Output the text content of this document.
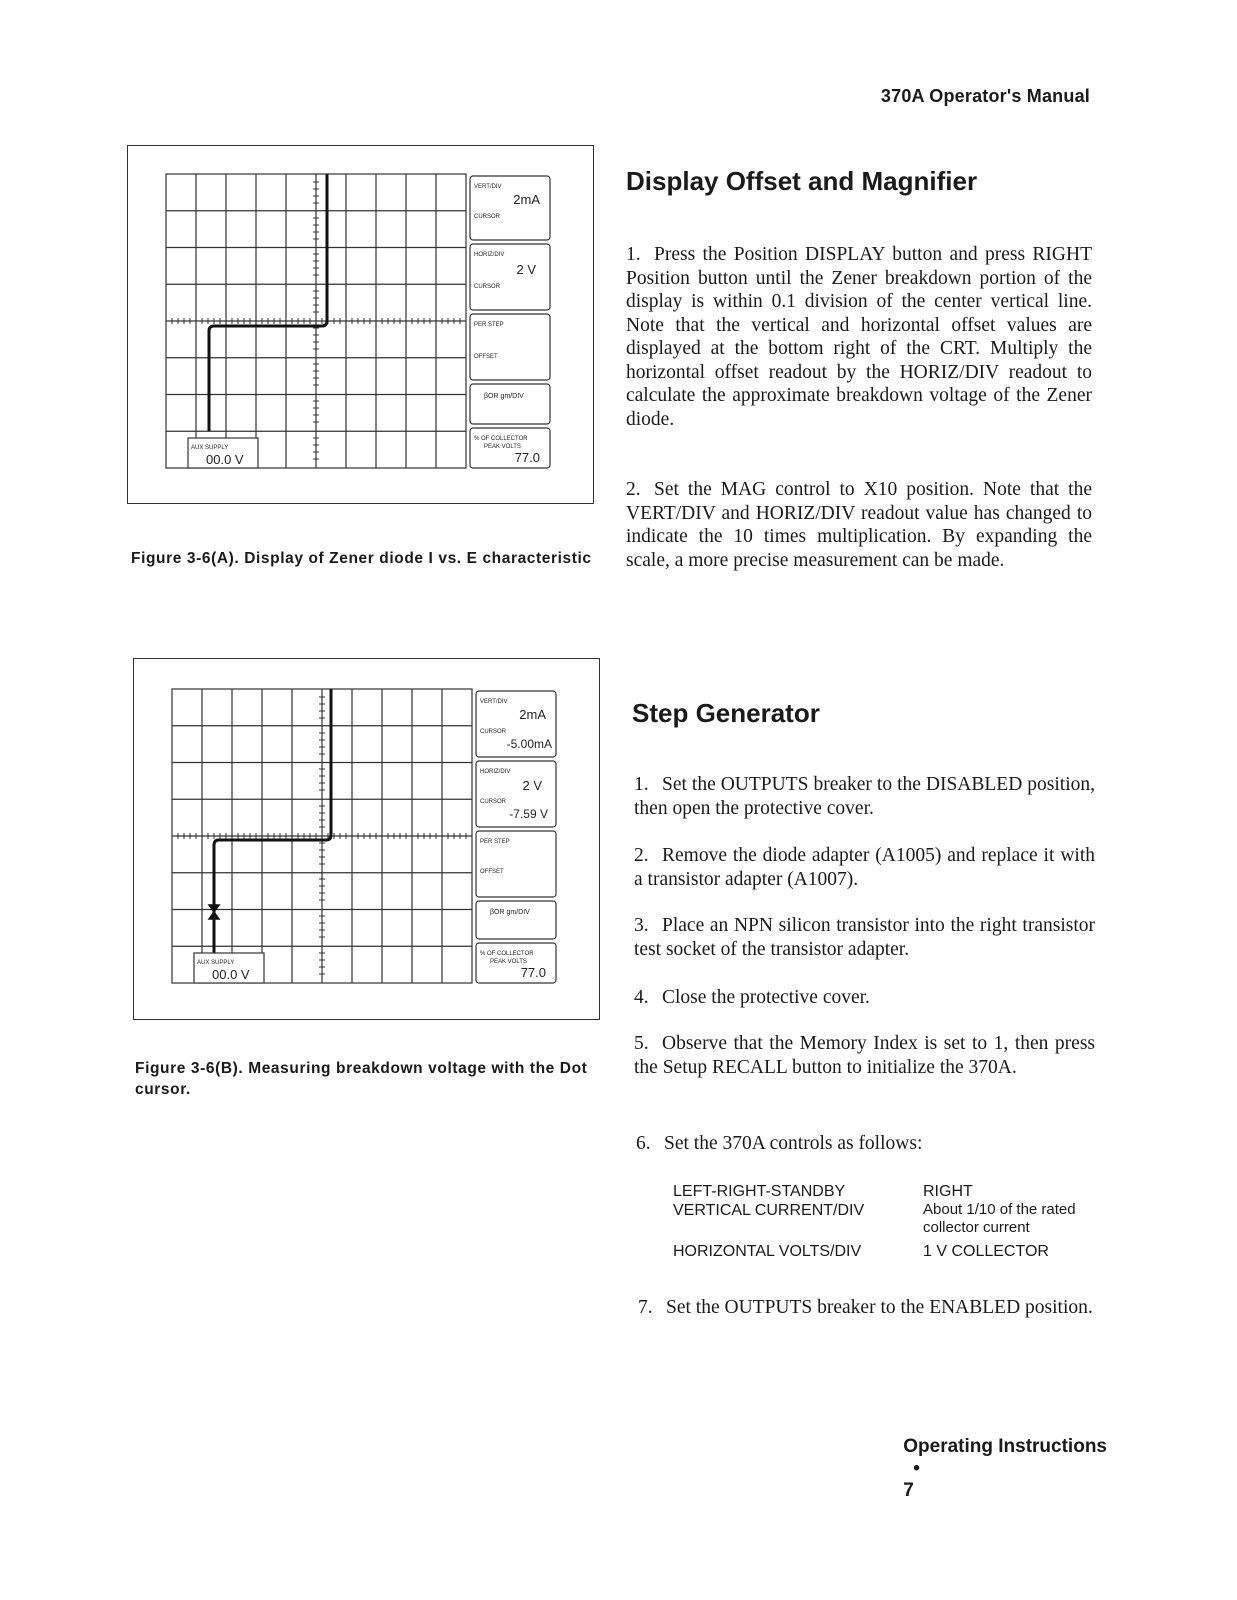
370A Operator's Manual
VERT/DIV
2mA
CURSOR
HORIZ/DIV
2 V
CURSOR
PER STEP
OFFSET
βOR gm/DIV
% OF COLLECTOR
PEAK VOLTS
77.0
AUX SUPPLY
00.0 V
Figure 3-6(A). Display of Zener diode I vs. E characteristic
VERT/DIV
2mA
CURSOR
-5.00mA
HORIZ/DIV
2 V
CURSOR
-7.59 V
PER STEP
OFFSET
βOR gm/DIV
% OF COLLECTOR
PEAK VOLTS
77.0
AUX SUPPLY
00.0 V
Figure 3-6(B). Measuring breakdown voltage with the Dot cursor.
Display Offset and Magnifier
1. Press the Position DISPLAY button and press RIGHT Position button until the Zener breakdown portion of the display is within 0.1 division of the center vertical line. Note that the vertical and horizontal offset values are displayed at the bottom right of the CRT. Multiply the horizontal offset readout by the HORIZ/DIV readout to calculate the approximate breakdown voltage of the Zener diode.
2. Set the MAG control to X10 position. Note that the VERT/DIV and HORIZ/DIV readout value has changed to indicate the 10 times multiplication. By expanding the scale, a more precise measurement can be made.
Step Generator
1. Set the OUTPUTS breaker to the DISABLED position, then open the protective cover.
2. Remove the diode adapter (A1005) and replace it with a transistor adapter (A1007).
3. Place an NPN silicon transistor into the right transistor test socket of the transistor adapter.
4. Close the protective cover.
5. Observe that the Memory Index is set to 1, then press the Setup RECALL button to initialize the 370A.
6. Set the 370A controls as follows:
LEFT-RIGHT-STANDBY	RIGHT
VERTICAL CURRENT/DIV	About 1/10 of the rated collector current
HORIZONTAL VOLTS/DIV	1 V COLLECTOR
7. Set the OUTPUTS breaker to the ENABLED position.

Operating Instructions
•
7
